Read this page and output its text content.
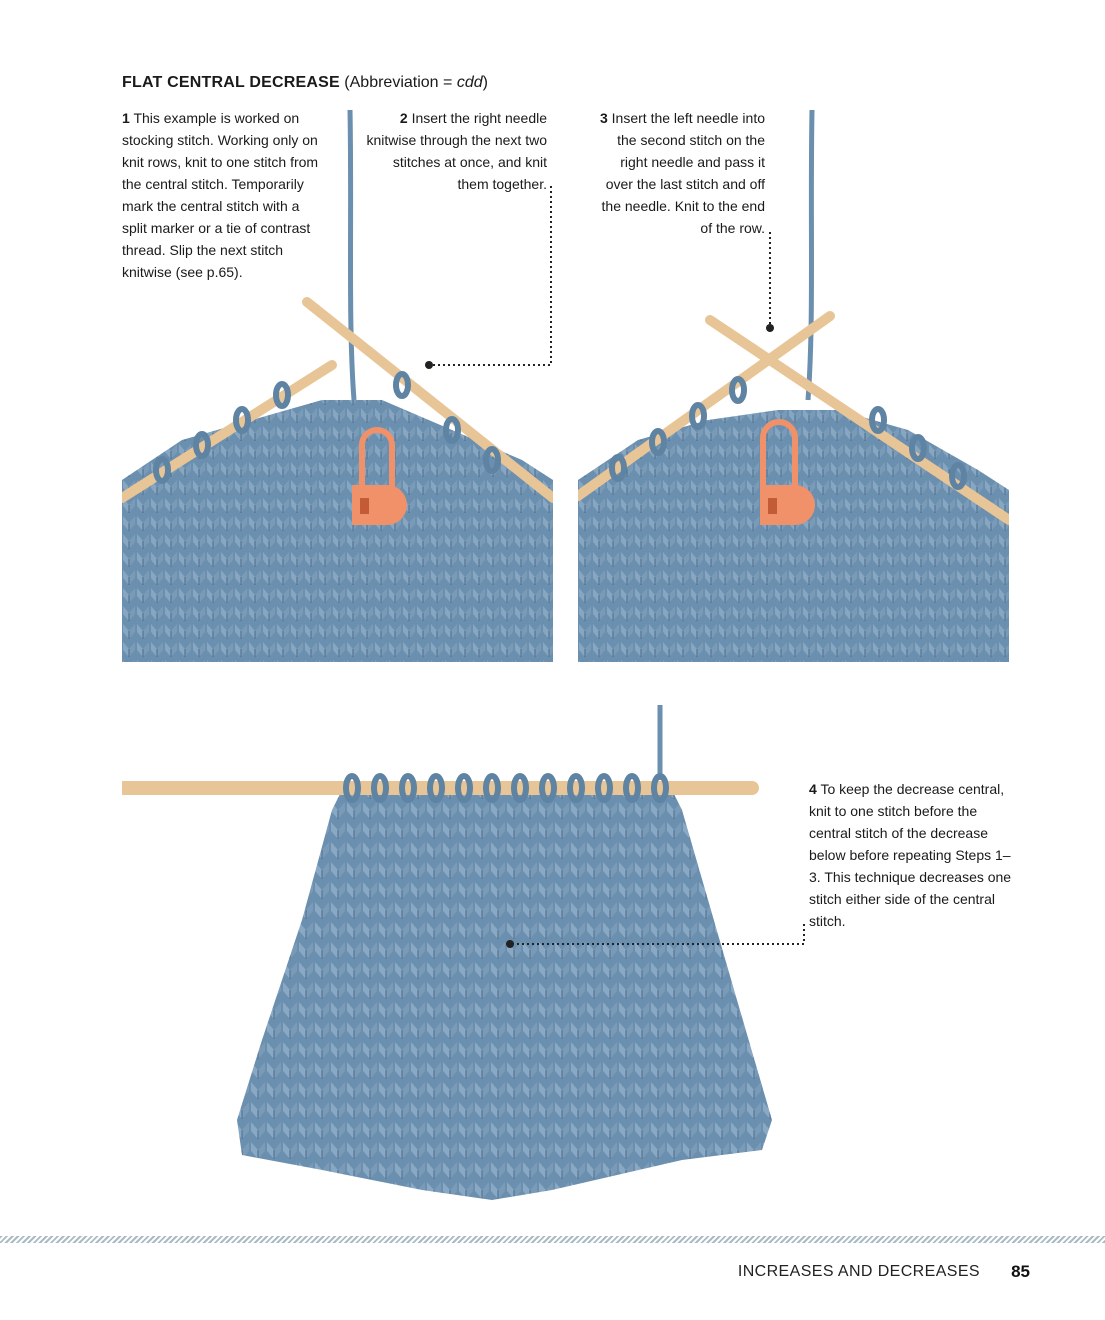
FLAT CENTRAL DECREASE (Abbreviation = cdd)
1 This example is worked on stocking stitch. Working only on knit rows, knit to one stitch from the central stitch. Temporarily mark the central stitch with a split marker or a tie of contrast thread. Slip the next stitch knitwise (see p.65).
2 Insert the right needle knitwise through the next two stitches at once, and knit them together.
3 Insert the left needle into the second stitch on the right needle and pass it over the last stitch and off the needle. Knit to the end of the row.
4 To keep the decrease central, knit to one stitch before the central stitch of the decrease below before repeating Steps 1–3. This technique decreases one stitch either side of the central stitch.
INCREASES AND DECREASES 85
